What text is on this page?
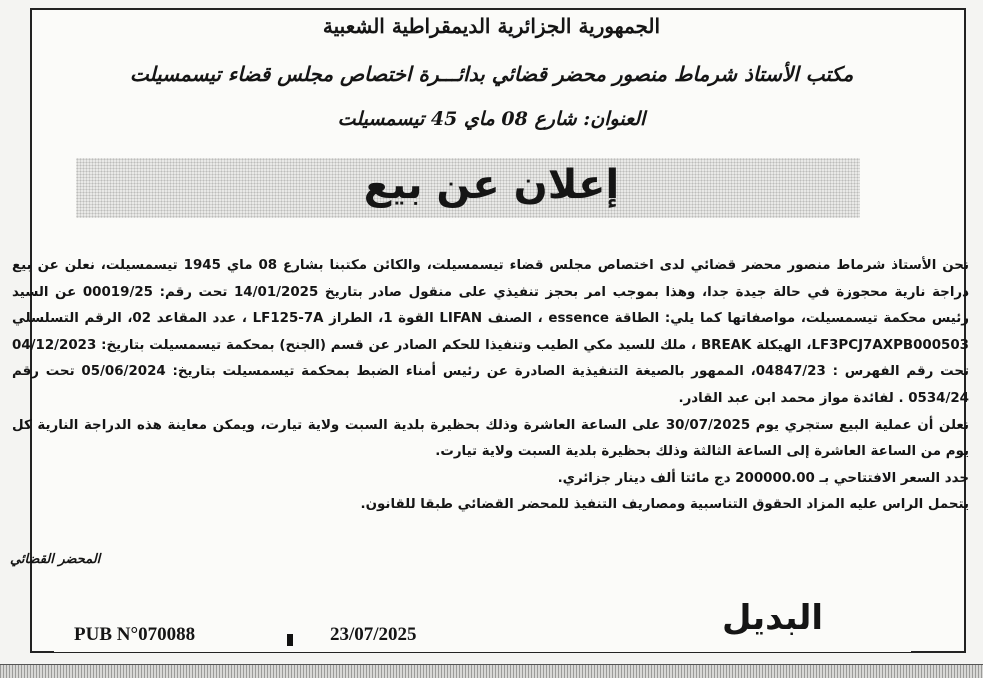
الجمهورية الجزائرية الديمقراطية الشعبية
مكتب الأستاذ شرماط منصور محضر قضائي بدائـــرة اختصاص مجلس قضاء تيسمسيلت
العنوان: شارع 08 ماي 45 تيسمسيلت
إعلان عن بيع

نحن الأستاذ شرماط منصور محضر قضائي لدى اختصاص مجلس قضاء تيسمسيلت، والكائن مكتبنا بشارع 08 ماي 1945 تيسمسيلت، نعلن عن بيع دراجة نارية محجوزة في حالة جيدة جدا، وهذا بموجب امر بحجز تنفيذي على منقول صادر بتاريخ 14/01/2025 تحت رقم: 00019/25 عن السيد رئيس محكمة تيسمسيلت، مواصفاتها كما يلي: الطاقة essence ، الصنف LIFAN القوة 1، الطراز LF125-7A ، عدد المقاعد 02، الرقم التسلسلي LF3PCJ7AXPB000503، الهيكلة BREAK ، ملك للسيد مكي الطيب وتنفيذا للحكم الصادر عن قسم (الجنح) بمحكمة تيسمسيلت بتاريخ: 04/12/2023 تحت رقم الفهرس : 04847/23، الممهور بالصيغة التنفيذية الصادرة عن رئيس أمناء الضبط بمحكمة تيسمسيلت بتاريخ: 05/06/2024 تحت رقم 0534/24 . لفائدة مواز محمد ابن عبد القادر.

نعلن أن عملية البيع ستجري يوم 30/07/2025 على الساعة العاشرة وذلك بحظيرة بلدية السبت ولاية تيارت، ويمكن معاينة هذه الدراجة النارية كل يوم من الساعة العاشرة إلى الساعة الثالثة وذلك بحظيرة بلدية السبت ولاية تيارت.

حدد السعر الافتتاحي بـ 200000.00 دج مائتا ألف دينار جزائري.

يتحمل الراس عليه المزاد الحقوق التناسبية ومصاريف التنفيذ للمحضر القضائي طبقا للقانون.

المحضر القضائي
PUB N°070088	23/07/2025	البديل
